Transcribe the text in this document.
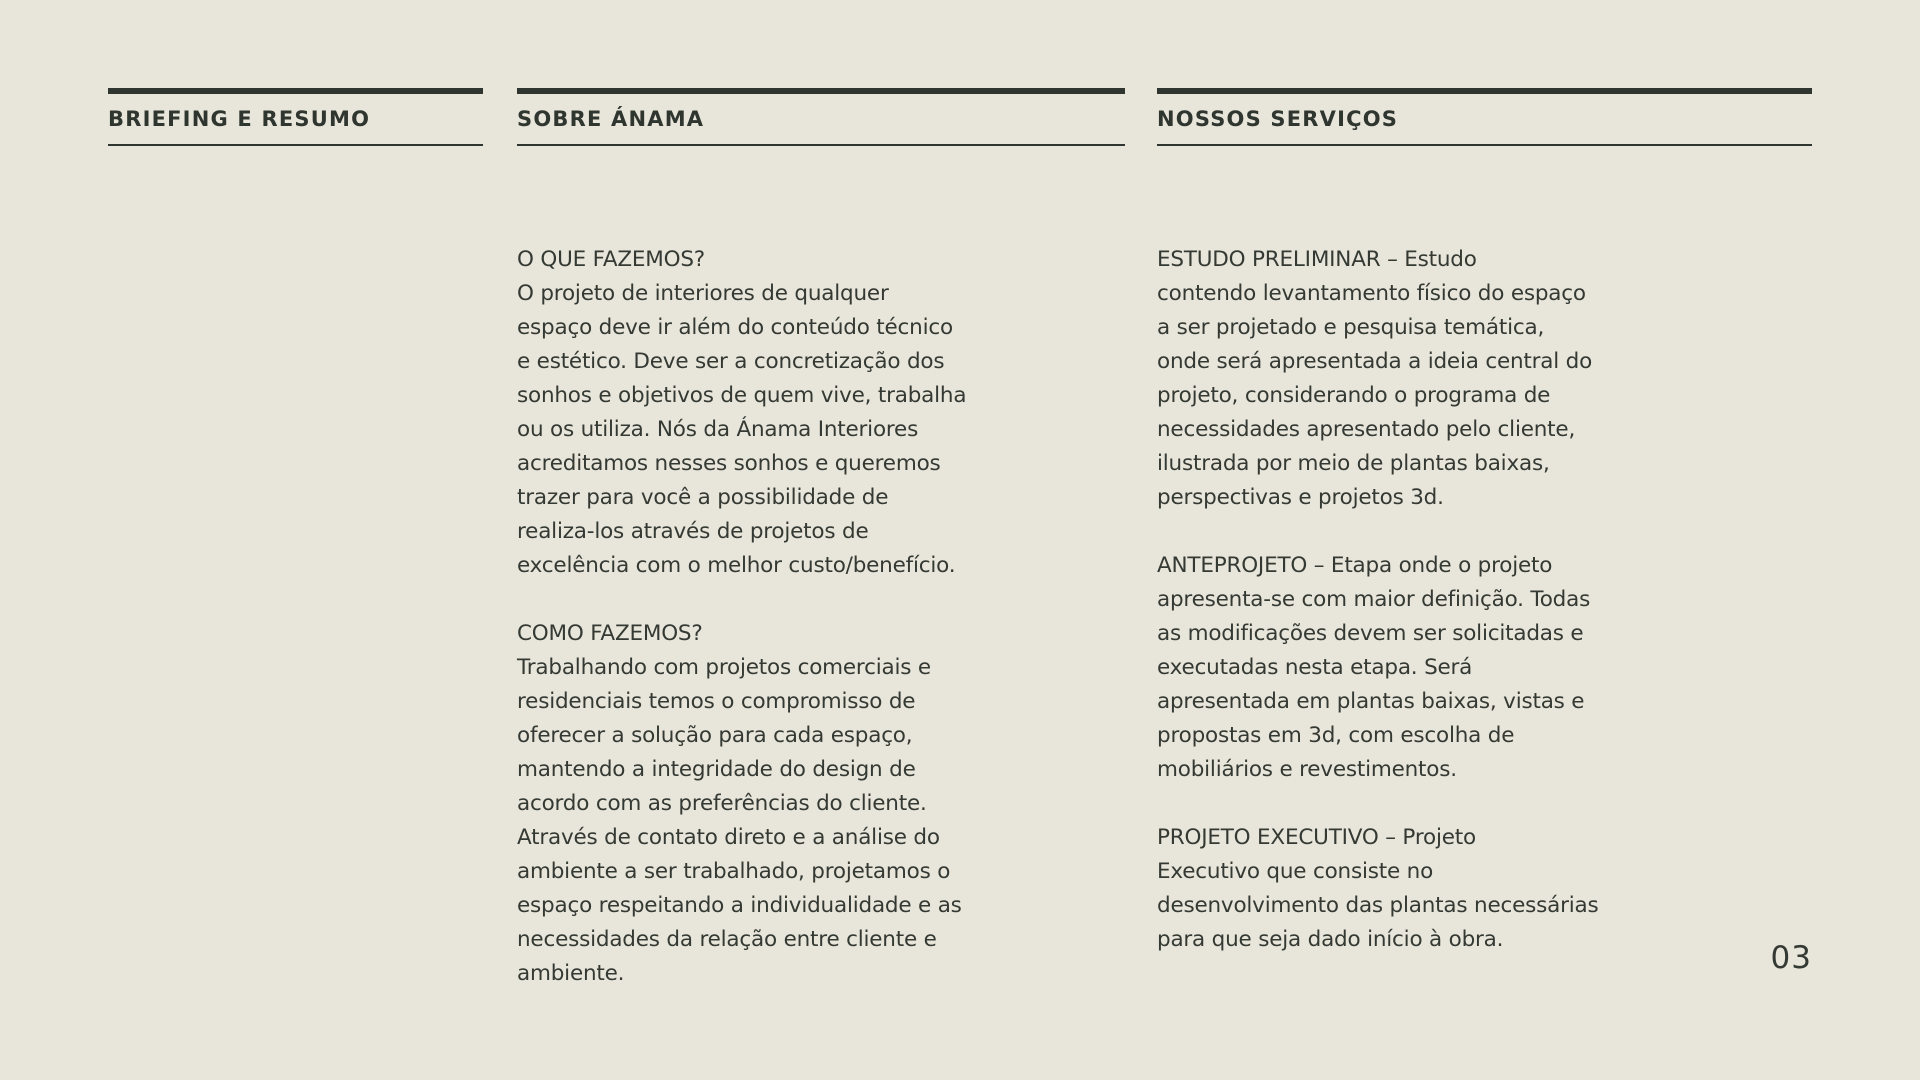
BRIEFING E RESUMO	SOBRE ÁNAMA	NOSSOS SERVIÇOS
O QUE FAZEMOS?
O projeto de interiores de qualquer
espaço deve ir além do conteúdo técnico
e estético. Deve ser a concretização dos
sonhos e objetivos de quem vive, trabalha
ou os utiliza. Nós da Ánama Interiores
acreditamos nesses sonhos e queremos
trazer para você a possibilidade de
realiza-los através de projetos de
excelência com o melhor custo/benefício.
COMO FAZEMOS?
Trabalhando com projetos comerciais e
residenciais temos o compromisso de
oferecer a solução para cada espaço,
mantendo a integridade do design de
acordo com as preferências do cliente.
Através de contato direto e a análise do
ambiente a ser trabalhado, projetamos o
espaço respeitando a individualidade e as
necessidades da relação entre cliente e
ambiente.
ESTUDO PRELIMINAR – Estudo
contendo levantamento físico do espaço
a ser projetado e pesquisa temática,
onde será apresentada a ideia central do
projeto, considerando o programa de
necessidades apresentado pelo cliente,
ilustrada por meio de plantas baixas,
perspectivas e projetos 3d.
ANTEPROJETO – Etapa onde o projeto
apresenta-se com maior definição. Todas
as modificações devem ser solicitadas e
executadas nesta etapa. Será
apresentada em plantas baixas, vistas e
propostas em 3d, com escolha de
mobiliários e revestimentos.
PROJETO EXECUTIVO – Projeto
Executivo que consiste no
desenvolvimento das plantas necessárias
para que seja dado início à obra.
03
